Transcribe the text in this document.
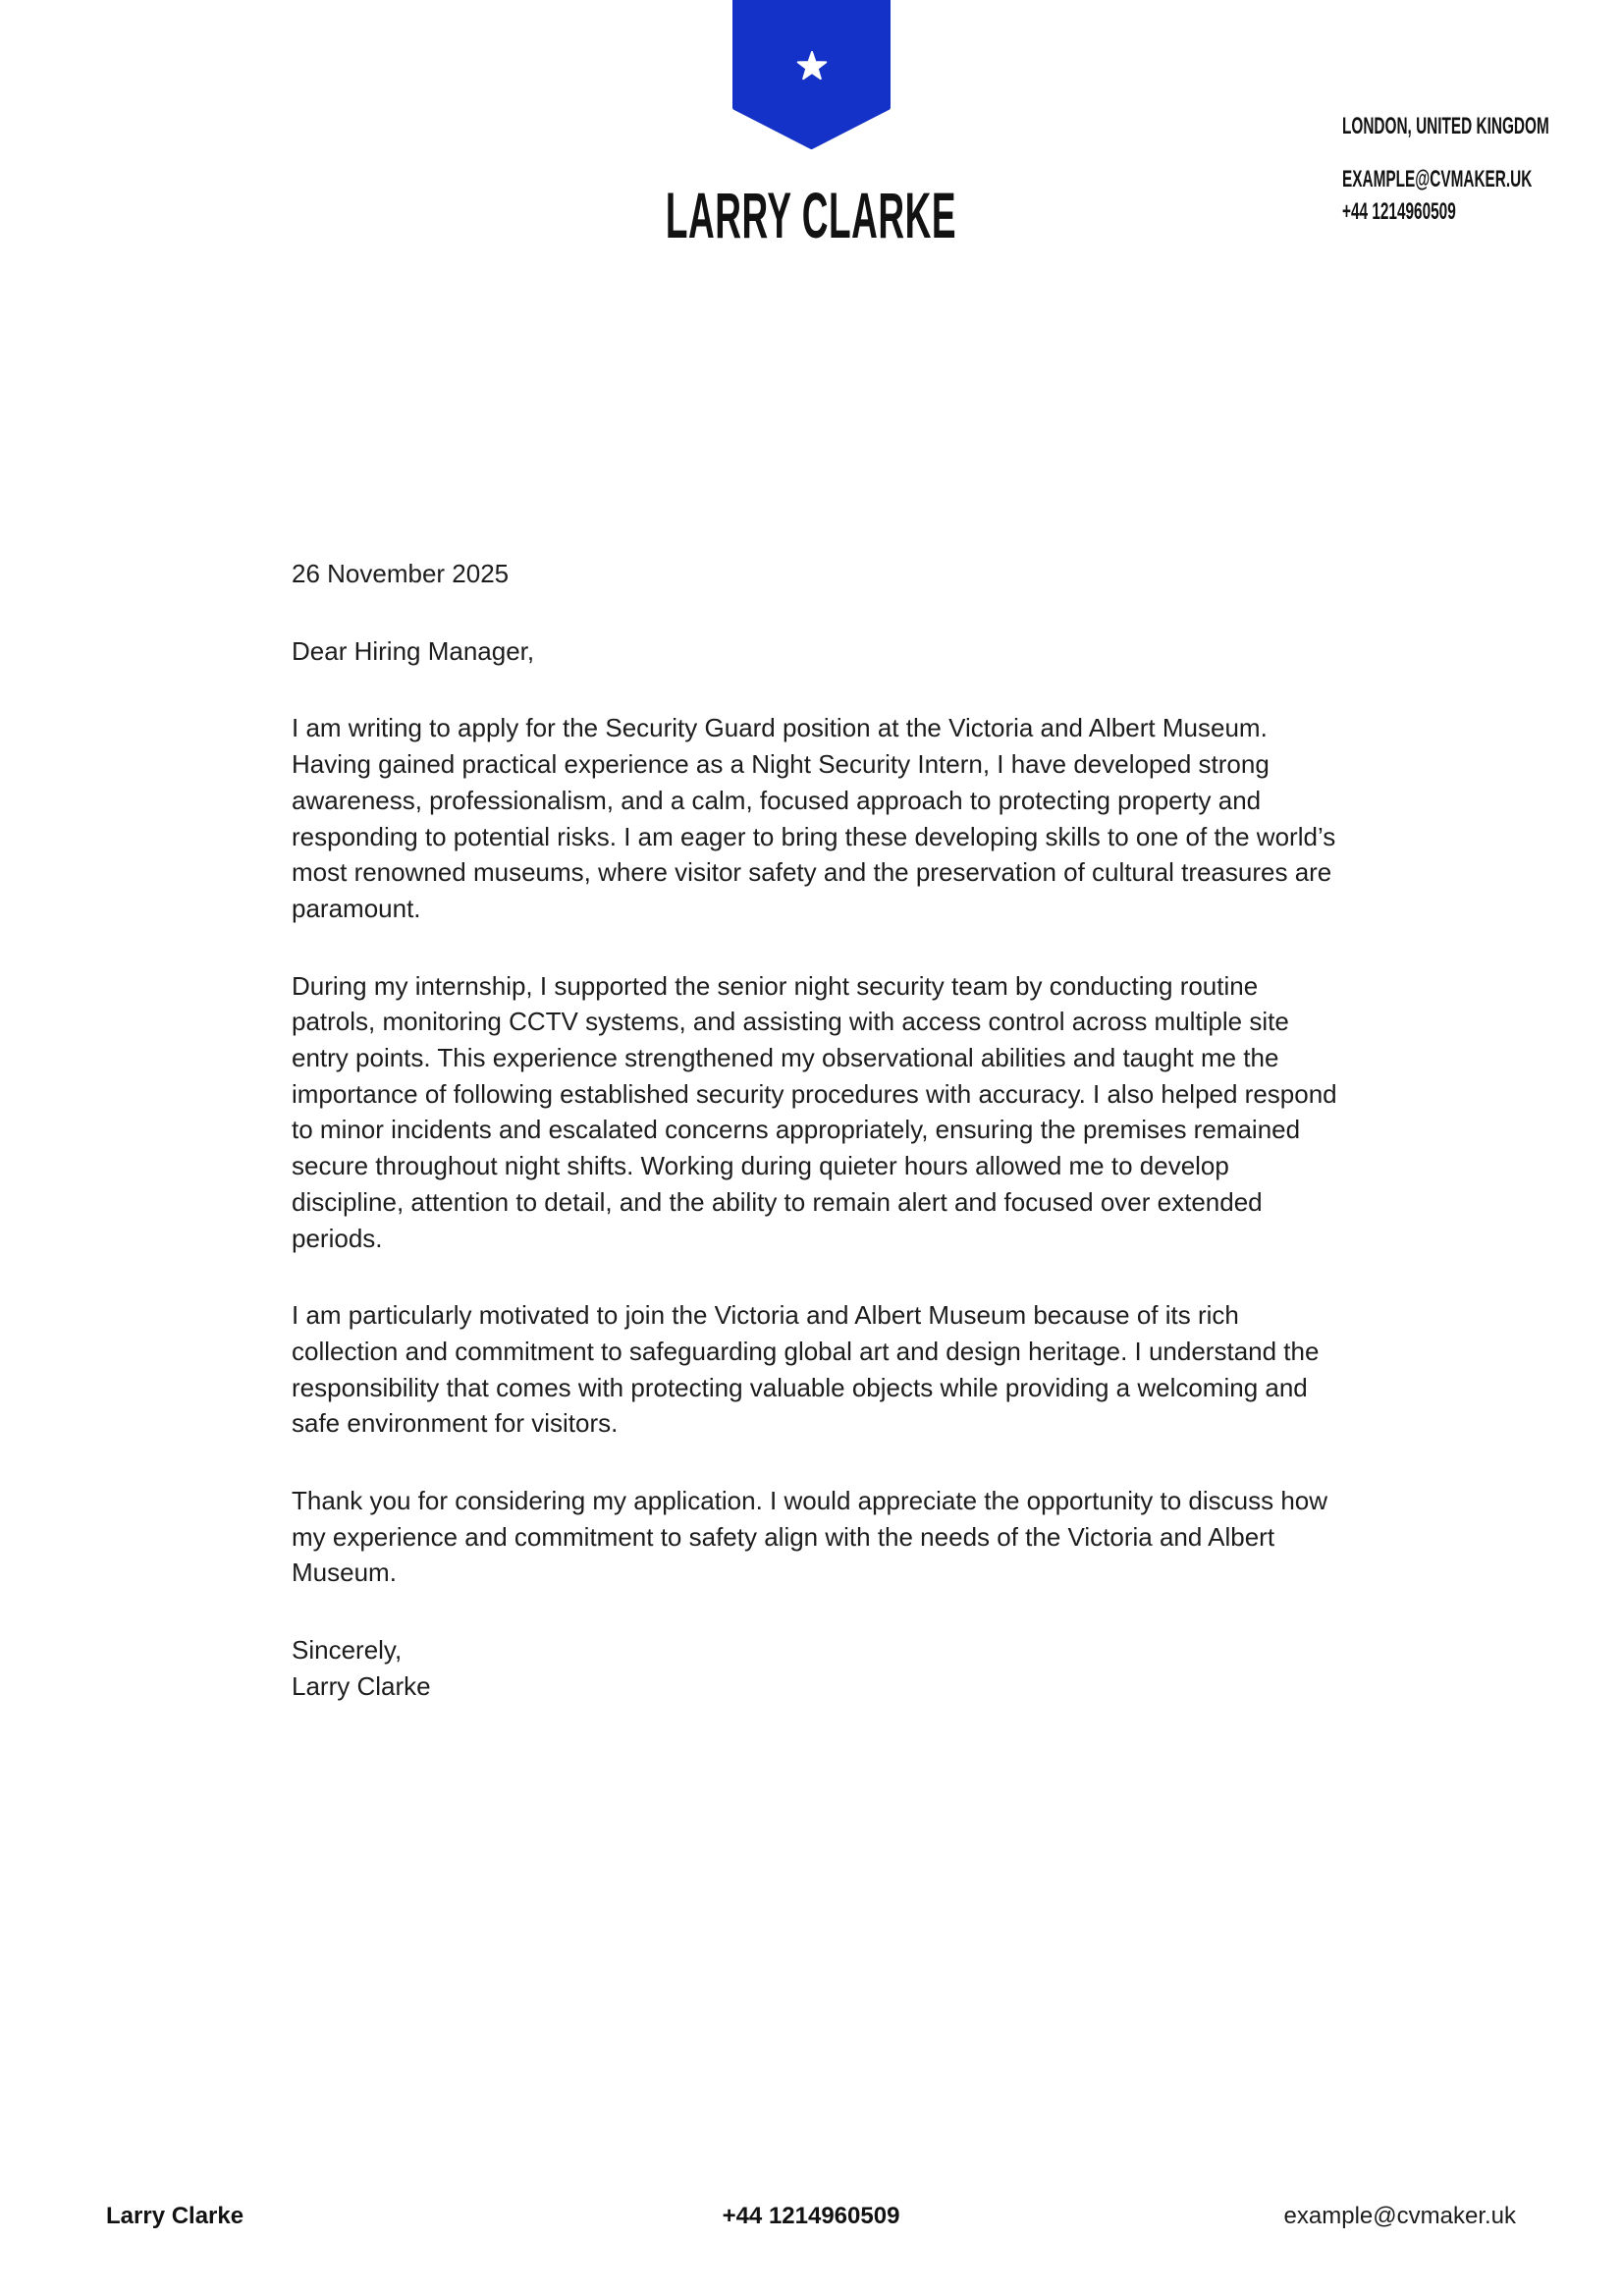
LARRY CLARKE
LONDON, UNITED KINGDOM
EXAMPLE@CVMAKER.UK
+44 1214960509

26 November 2025

Dear Hiring Manager,

I am writing to apply for the Security Guard position at the Victoria and Albert Museum. Having gained practical experience as a Night Security Intern, I have developed strong awareness, professionalism, and a calm, focused approach to protecting property and responding to potential risks. I am eager to bring these developing skills to one of the world’s most renowned museums, where visitor safety and the preservation of cultural treasures are paramount.

During my internship, I supported the senior night security team by conducting routine patrols, monitoring CCTV systems, and assisting with access control across multiple site entry points. This experience strengthened my observational abilities and taught me the importance of following established security procedures with accuracy. I also helped respond to minor incidents and escalated concerns appropriately, ensuring the premises remained secure throughout night shifts. Working during quieter hours allowed me to develop discipline, attention to detail, and the ability to remain alert and focused over extended periods.

I am particularly motivated to join the Victoria and Albert Museum because of its rich collection and commitment to safeguarding global art and design heritage. I understand the responsibility that comes with protecting valuable objects while providing a welcoming and safe environment for visitors.

Thank you for considering my application. I would appreciate the opportunity to discuss how my experience and commitment to safety align with the needs of the Victoria and Albert Museum.

Sincerely,

Larry Clarke

Larry Clarke	+44 1214960509	example@cvmaker.uk
